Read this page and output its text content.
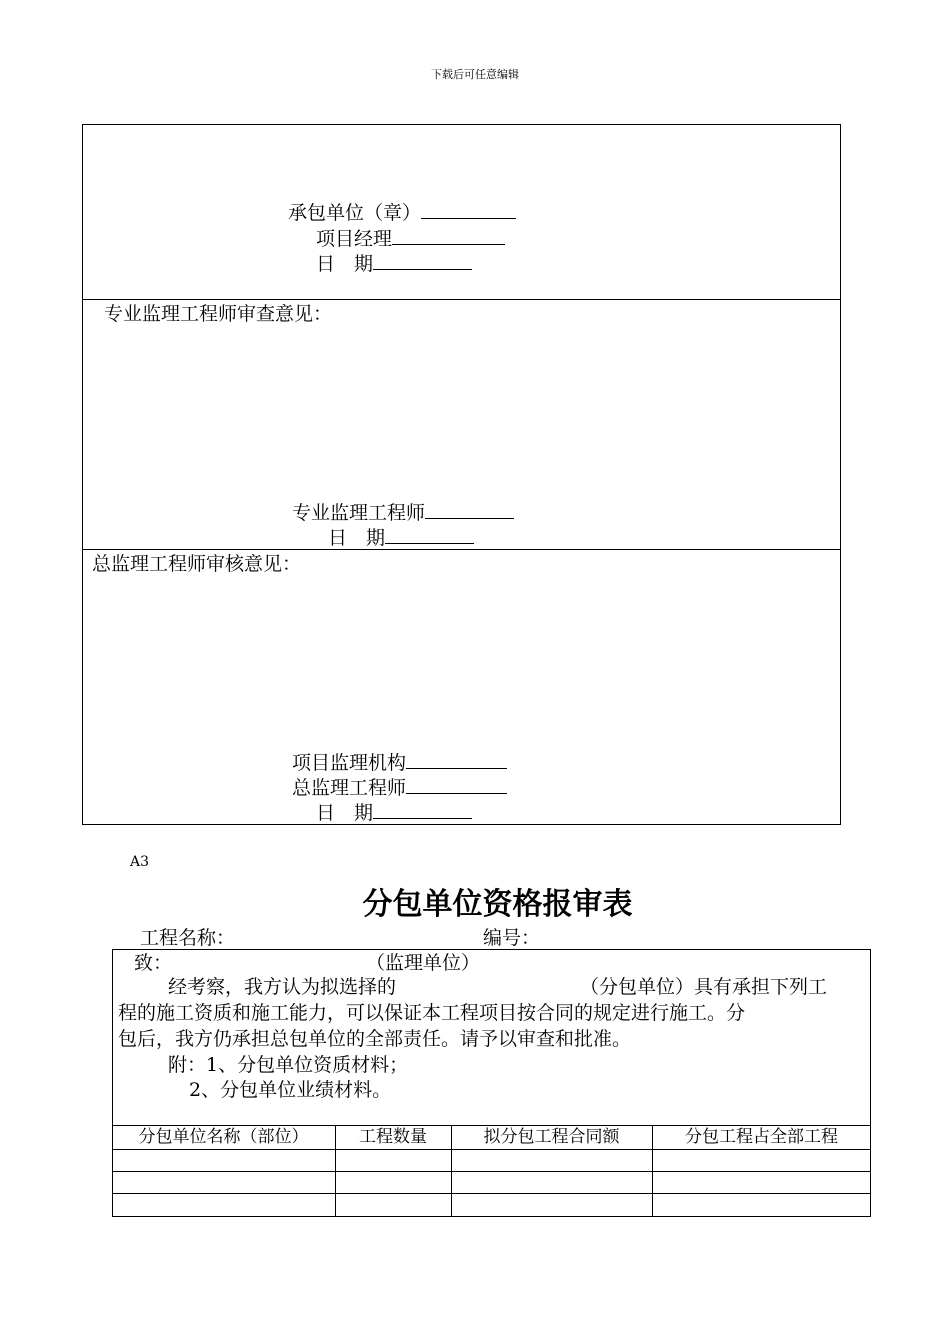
下载后可任意编辑
承包单位（章）
项目经理
日　期
专业监理工程师审查意见：
专业监理工程师
日　期
总监理工程师审核意见：
项目监理机构
总监理工程师
日　期
A3
分包单位资格报审表
工程名称：	编号：
致：	（监理单位）
经考察，我方认为拟选择的	（分包单位）具有承担下列工
程的施工资质和施工能力，可以保证本工程项目按合同的规定进行施工。分
包后，我方仍承担总包单位的全部责任。请予以审查和批准。
附：1、分包单位资质材料；
2、分包单位业绩材料。
分包单位名称（部位）	工程数量	拟分包工程合同额	分包工程占全部工程
